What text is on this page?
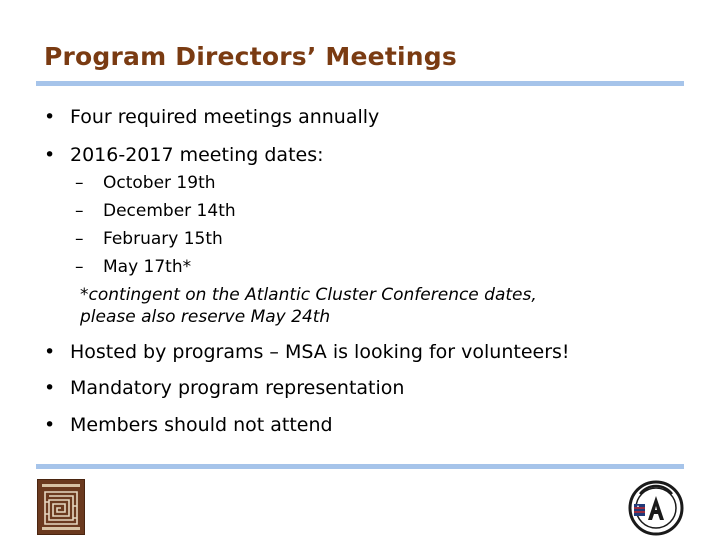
Program Directors’ Meetings
• Four required meetings annually
• 2016-2017 meeting dates:
– October 19th
– December 14th
– February 15th
– May 17th*
*contingent on the Atlantic Cluster Conference dates,
please also reserve May 24th
• Hosted by programs – MSA is looking for volunteers!
• Mandatory program representation
• Members should not attend
